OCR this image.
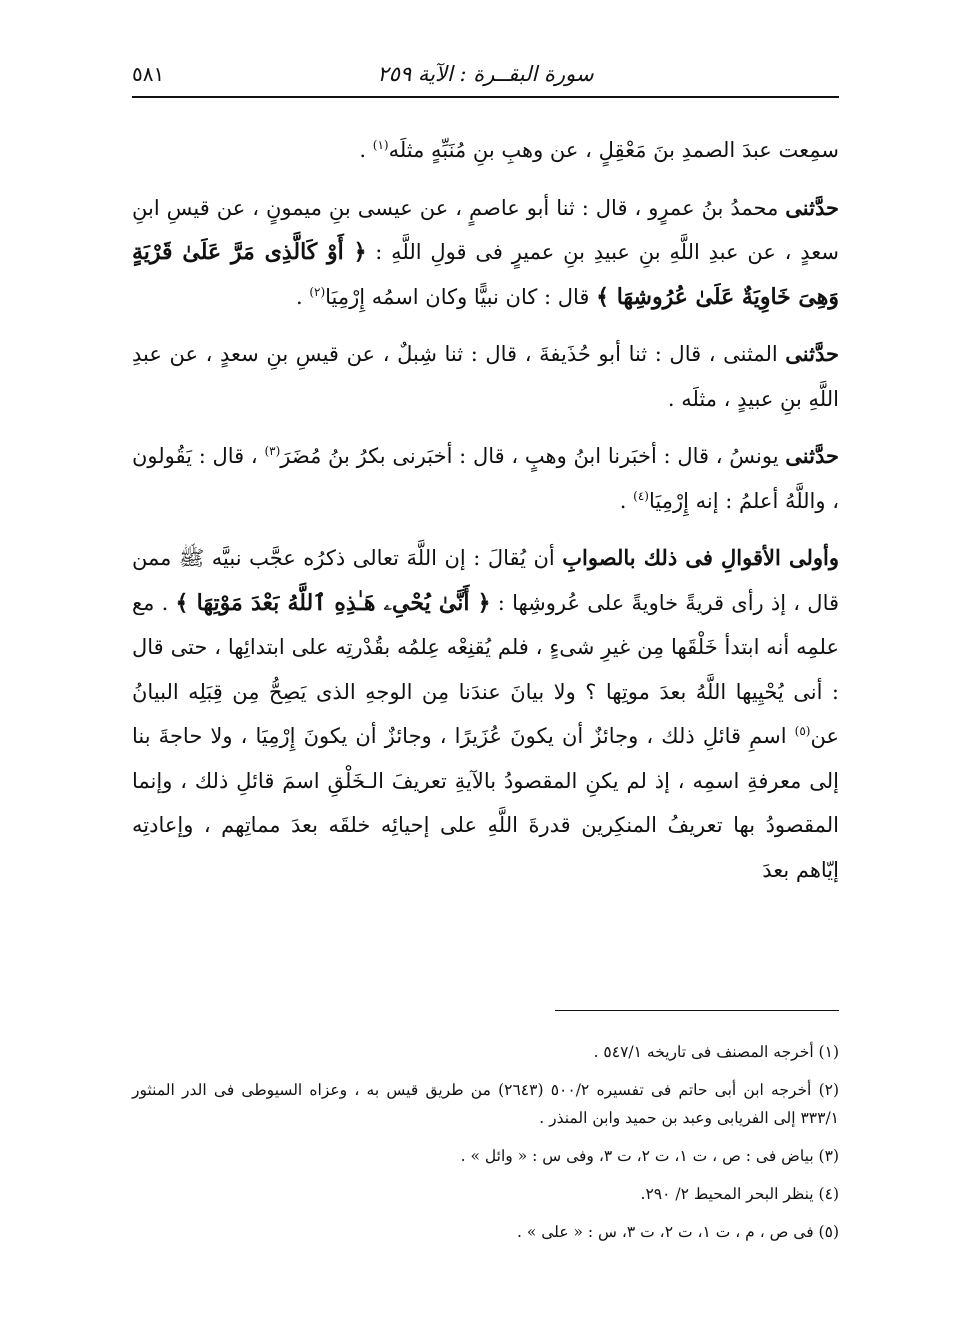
٥٨١	سورة البقــرة : الآية ٢٥٩

سمِعت عبدَ الصمدِ بنَ مَعْقِلٍ ، عن وهبِ بنِ مُنَبِّهٍ مثلَه$^{(١)}$ .

حدَّثنى محمدُ بنُ عمرٍو ، قال : ثنا أبو عاصمٍ ، عن عيسى بنِ ميمونٍ ، عن قيسِ ابنِ سعدٍ ، عن عبدِ اللَّهِ بنِ عبيدِ بنِ عميرٍ فى قولِ اللَّهِ : ﴿ أَوْ كَالَّذِى مَرَّ عَلَىٰ قَرْيَةٍ وَهِىَ خَاوِيَةٌ عَلَىٰ عُرُوشِهَا ﴾ قال : كان نبيًّا وكان اسمُه إِرْمِيَا$^{(٢)}$ .

حدَّثنى المثنى ، قال : ثنا أبو حُذَيفةَ ، قال : ثنا شِبلٌ ، عن قيسِ بنِ سعدٍ ، عن عبدِ اللَّهِ بنِ عبيدٍ ، مثلَه .

حدَّثنى يونسُ ، قال : أخبَرنا ابنُ وهبٍ ، قال : أخبَرنى بكرُ بنُ مُضَرَ$^{(٣)}$ ، قال : يَقُولون ، واللَّهُ أعلمُ : إنه إِرْمِيَا$^{(٤)}$ .

وأولى الأقوالِ فى ذلك بالصوابِ أن يُقالَ : إن اللَّهَ تعالى ذكرُه عجَّب نبيَّه ﷺ ممن قال ، إذ رأى قريةً خاويةً على عُروشِها : ﴿ أَنَّىٰ يُحْىِۦ هَـٰذِهِ ٱللَّهُ بَعْدَ مَوْتِهَا ﴾ . مع علمِه أنه ابتدأ خَلْقَها مِن غيرِ شىءٍ ، فلم يُقنِعْه عِلمُه بقُدْرتِه على ابتدائِها ، حتى قال : أنى يُحْيِيها اللَّهُ بعدَ موتِها ؟ ولا بيانَ عندَنا مِن الوجهِ الذى يَصِحُّ مِن قِبَلِه البيانُ عن$^{(٥)}$ اسمِ قائلِ ذلك ، وجائزٌ أن يكونَ عُزَيرًا ، وجائزٌ أن يكونَ إِرْمِيَا ، ولا حاجةَ بنا إلى معرفةِ اسمِه ، إذ لم يكنِ المقصودُ بالآيةِ تعريفَ الـخَلْقِ اسمَ قائلِ ذلك ، وإنما المقصودُ بها تعريفُ المنكِرين قدرةَ اللَّهِ على إحيائِه خلقَه بعدَ مماتِهم ، وإعادتِه إيّاهم بعدَ

(١) أخرجه المصنف فى تاريخه ٥٤٧/١ .

(٢) أخرجه ابن أبى حاتم فى تفسيره ٥٠٠/٢ (٢٦٤٣) من طريق قيس به ، وعزاه السيوطى فى الدر المنثور ٣٣٣/١ إلى الفريابى وعبد بن حميد وابن المنذر .

(٣) بياض فى : ص ، ت ١، ت ٢، ت ٣، وفى س : « وائل » .

(٤) ينظر البحر المحيط ٢/ ٢٩٠.

(٥) فى ص ، م ، ت ١، ت ٢، ت ٣، س : « على » .
